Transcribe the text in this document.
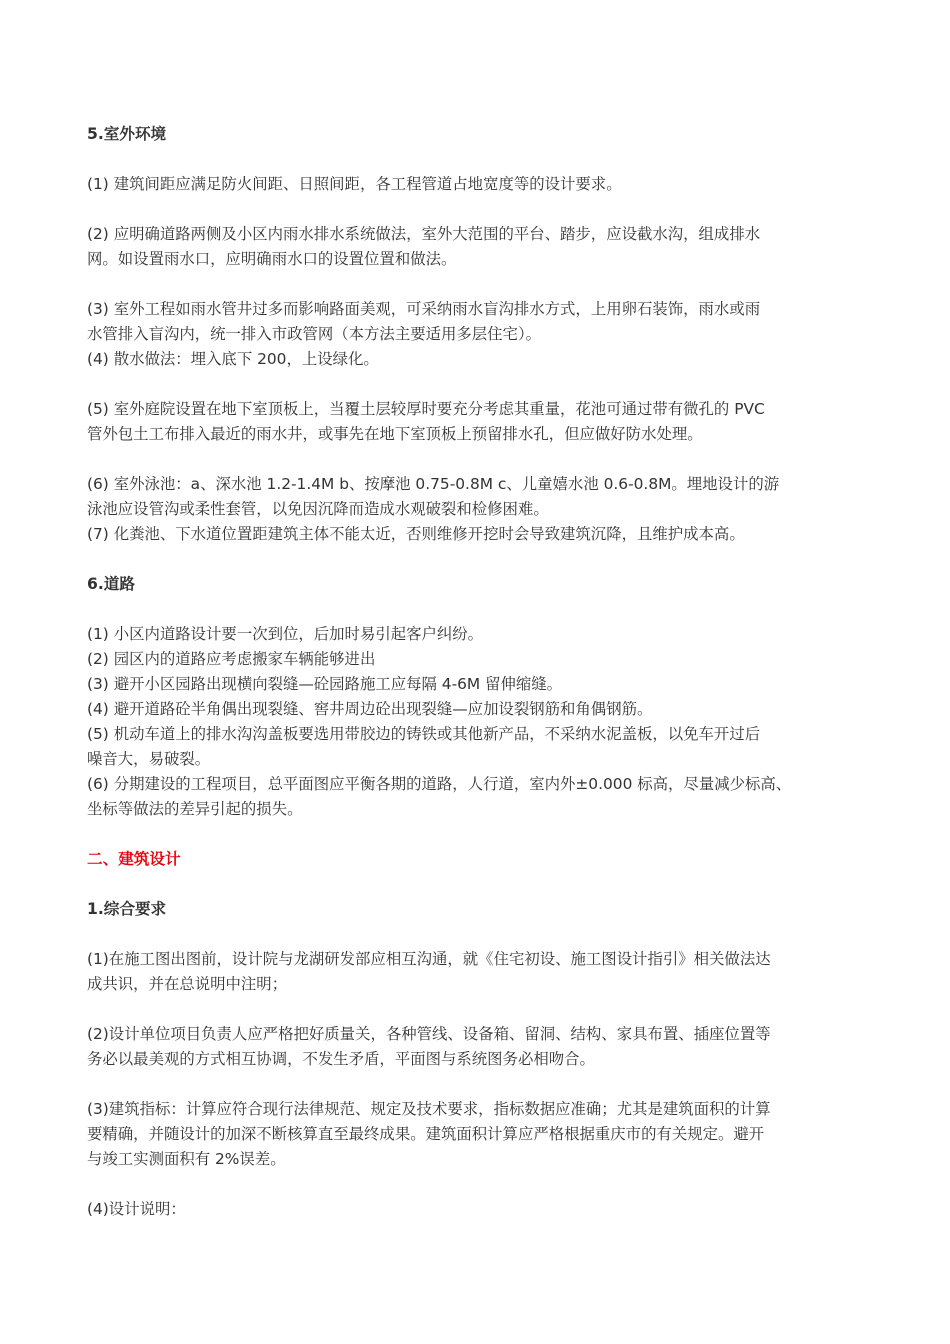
5.室外环境
(1) 建筑间距应满足防火间距、日照间距，各工程管道占地宽度等的设计要求。
(2) 应明确道路两侧及小区内雨水排水系统做法，室外大范围的平台、踏步，应设截水沟，组成排水
网。如设置雨水口，应明确雨水口的设置位置和做法。
(3) 室外工程如雨水管井过多而影响路面美观，可采纳雨水盲沟排水方式，上用卵石装饰，雨水或雨
水管排入盲沟内，统一排入市政管网（本方法主要适用多层住宅）。
(4) 散水做法：埋入底下 200，上设绿化。
(5) 室外庭院设置在地下室顶板上，当覆土层较厚时要充分考虑其重量，花池可通过带有微孔的 PVC
管外包土工布排入最近的雨水井，或事先在地下室顶板上预留排水孔，但应做好防水处理。
(6) 室外泳池：a、深水池 1.2-1.4M b、按摩池 0.75-0.8M c、儿童嬉水池 0.6-0.8M。埋地设计的游
泳池应设管沟或柔性套管，以免因沉降而造成水观破裂和检修困难。
(7) 化粪池、下水道位置距建筑主体不能太近，否则维修开挖时会导致建筑沉降，且维护成本高。
6.道路
(1) 小区内道路设计要一次到位，后加时易引起客户纠纷。
(2) 园区内的道路应考虑搬家车辆能够进出
(3) 避开小区园路出现横向裂缝—砼园路施工应每隔 4-6M 留伸缩缝。
(4) 避开道路砼半角偶出现裂缝、窖井周边砼出现裂缝—应加设裂钢筋和角偶钢筋。
(5) 机动车道上的排水沟沟盖板要选用带胶边的铸铁或其他新产品，不采纳水泥盖板，以免车开过后
噪音大，易破裂。
(6) 分期建设的工程项目，总平面图应平衡各期的道路，人行道，室内外±0.000 标高，尽量减少标高、
坐标等做法的差异引起的损失。
二、建筑设计
1.综合要求
(1)在施工图出图前，设计院与龙湖研发部应相互沟通，就《住宅初设、施工图设计指引》相关做法达
成共识，并在总说明中注明；
(2)设计单位项目负责人应严格把好质量关，各种管线、设备箱、留洞、结构、家具布置、插座位置等
务必以最美观的方式相互协调，不发生矛盾，平面图与系统图务必相吻合。
(3)建筑指标：计算应符合现行法律规范、规定及技术要求，指标数据应准确；尤其是建筑面积的计算
要精确，并随设计的加深不断核算直至最终成果。建筑面积计算应严格根据重庆市的有关规定。避开
与竣工实测面积有 2%误差。
(4)设计说明：
